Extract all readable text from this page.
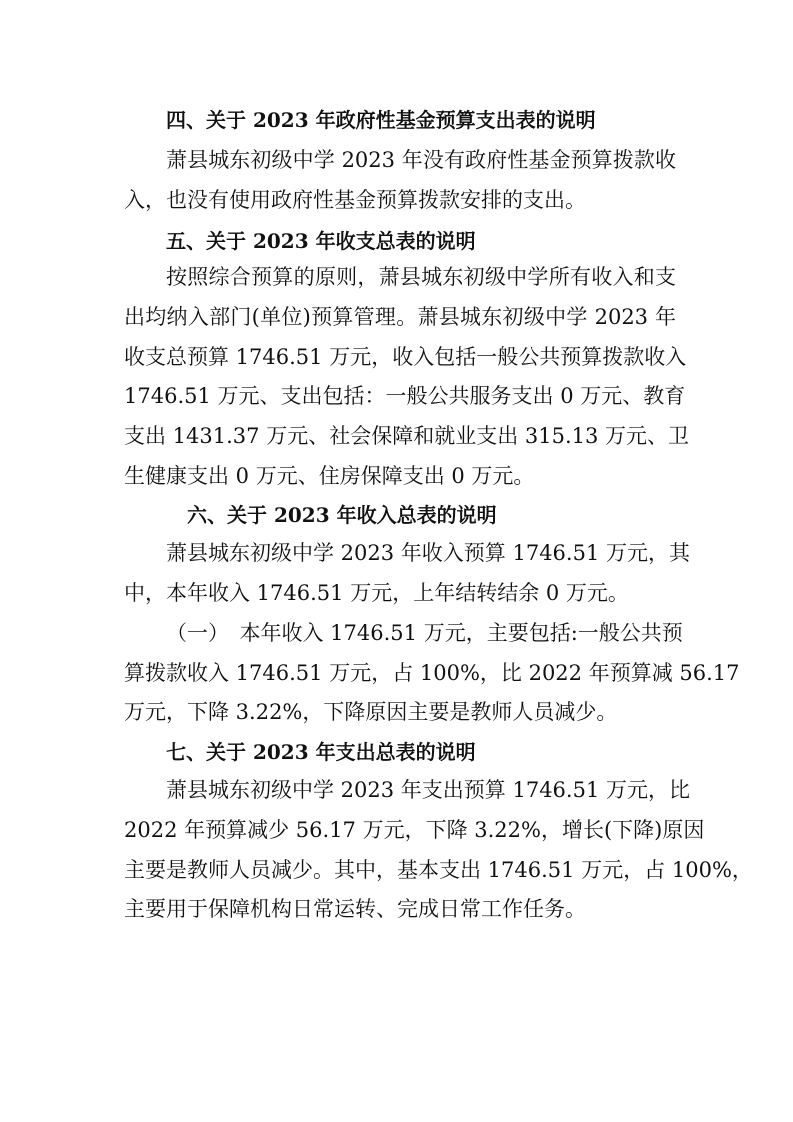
四、关于 2023 年政府性基金预算支出表的说明
萧县城东初级中学 2023 年没有政府性基金预算拨款收
入，也没有使用政府性基金预算拨款安排的支出。
五、关于 2023 年收支总表的说明
按照综合预算的原则，萧县城东初级中学所有收入和支
出均纳入部门(单位)预算管理。萧县城东初级中学 2023 年
收支总预算 1746.51 万元，收入包括一般公共预算拨款收入
1746.51 万元、支出包括：一般公共服务支出 0 万元、教育
支出 1431.37 万元、社会保障和就业支出 315.13 万元、卫
生健康支出 0 万元、住房保障支出 0 万元。
六、关于 2023 年收入总表的说明
萧县城东初级中学 2023 年收入预算 1746.51 万元，其
中，本年收入 1746.51 万元，上年结转结余 0 万元。
（一）　本年收入 1746.51 万元，主要包括:一般公共预
算拨款收入 1746.51 万元，占 100%，比 2022 年预算减 56.17
万元，下降 3.22%，下降原因主要是教师人员减少。
七、关于 2023 年支出总表的说明
萧县城东初级中学 2023 年支出预算 1746.51 万元，比
2022 年预算减少 56.17 万元，下降 3.22%，增长(下降)原因
主要是教师人员减少。其中，基本支出 1746.51 万元，占 100%，
主要用于保障机构日常运转、完成日常工作任务。
